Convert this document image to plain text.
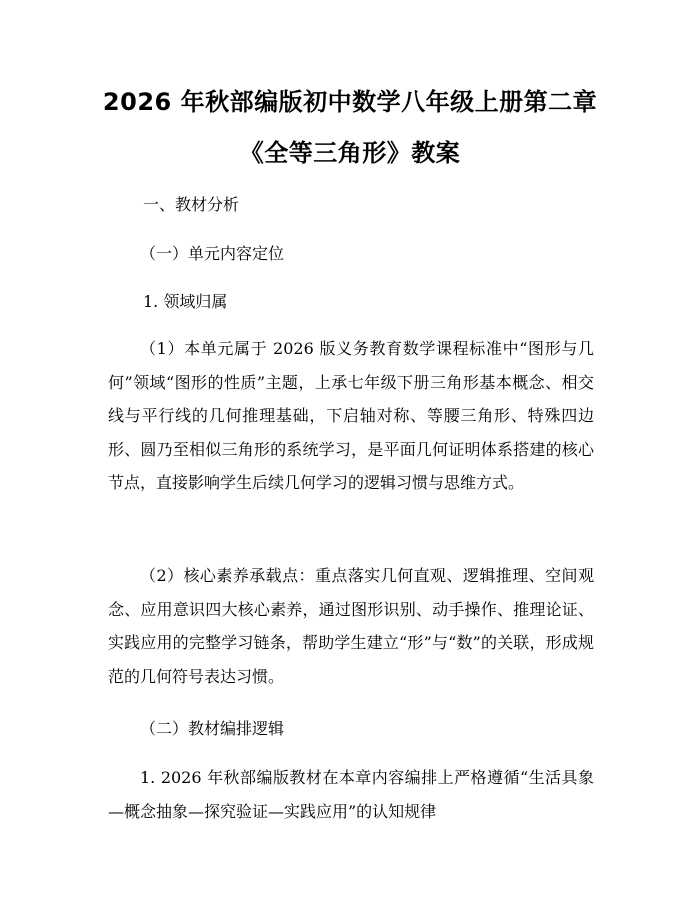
2026 年秋部编版初中数学八年级上册第二章
《全等三角形》教案
一、教材分析
（一）单元内容定位
1. 领域归属

（1）本单元属于 2026 版义务教育数学课程标准中“图形与几何”领域“图形的性质”主题，上承七年级下册三角形基本概念、相交线与平行线的几何推理基础，下启轴对称、等腰三角形、特殊四边形、圆乃至相似三角形的系统学习，是平面几何证明体系搭建的核心节点，直接影响学生后续几何学习的逻辑习惯与思维方式。

（2）核心素养承载点：重点落实几何直观、逻辑推理、空间观念、应用意识四大核心素养，通过图形识别、动手操作、推理论证、实践应用的完整学习链条，帮助学生建立“形”与“数”的关联，形成规范的几何符号表达习惯。

（二）教材编排逻辑

1. 2026 年秋部编版教材在本章内容编排上严格遵循“生活具象—概念抽象—探究验证—实践应用”的认知规律
